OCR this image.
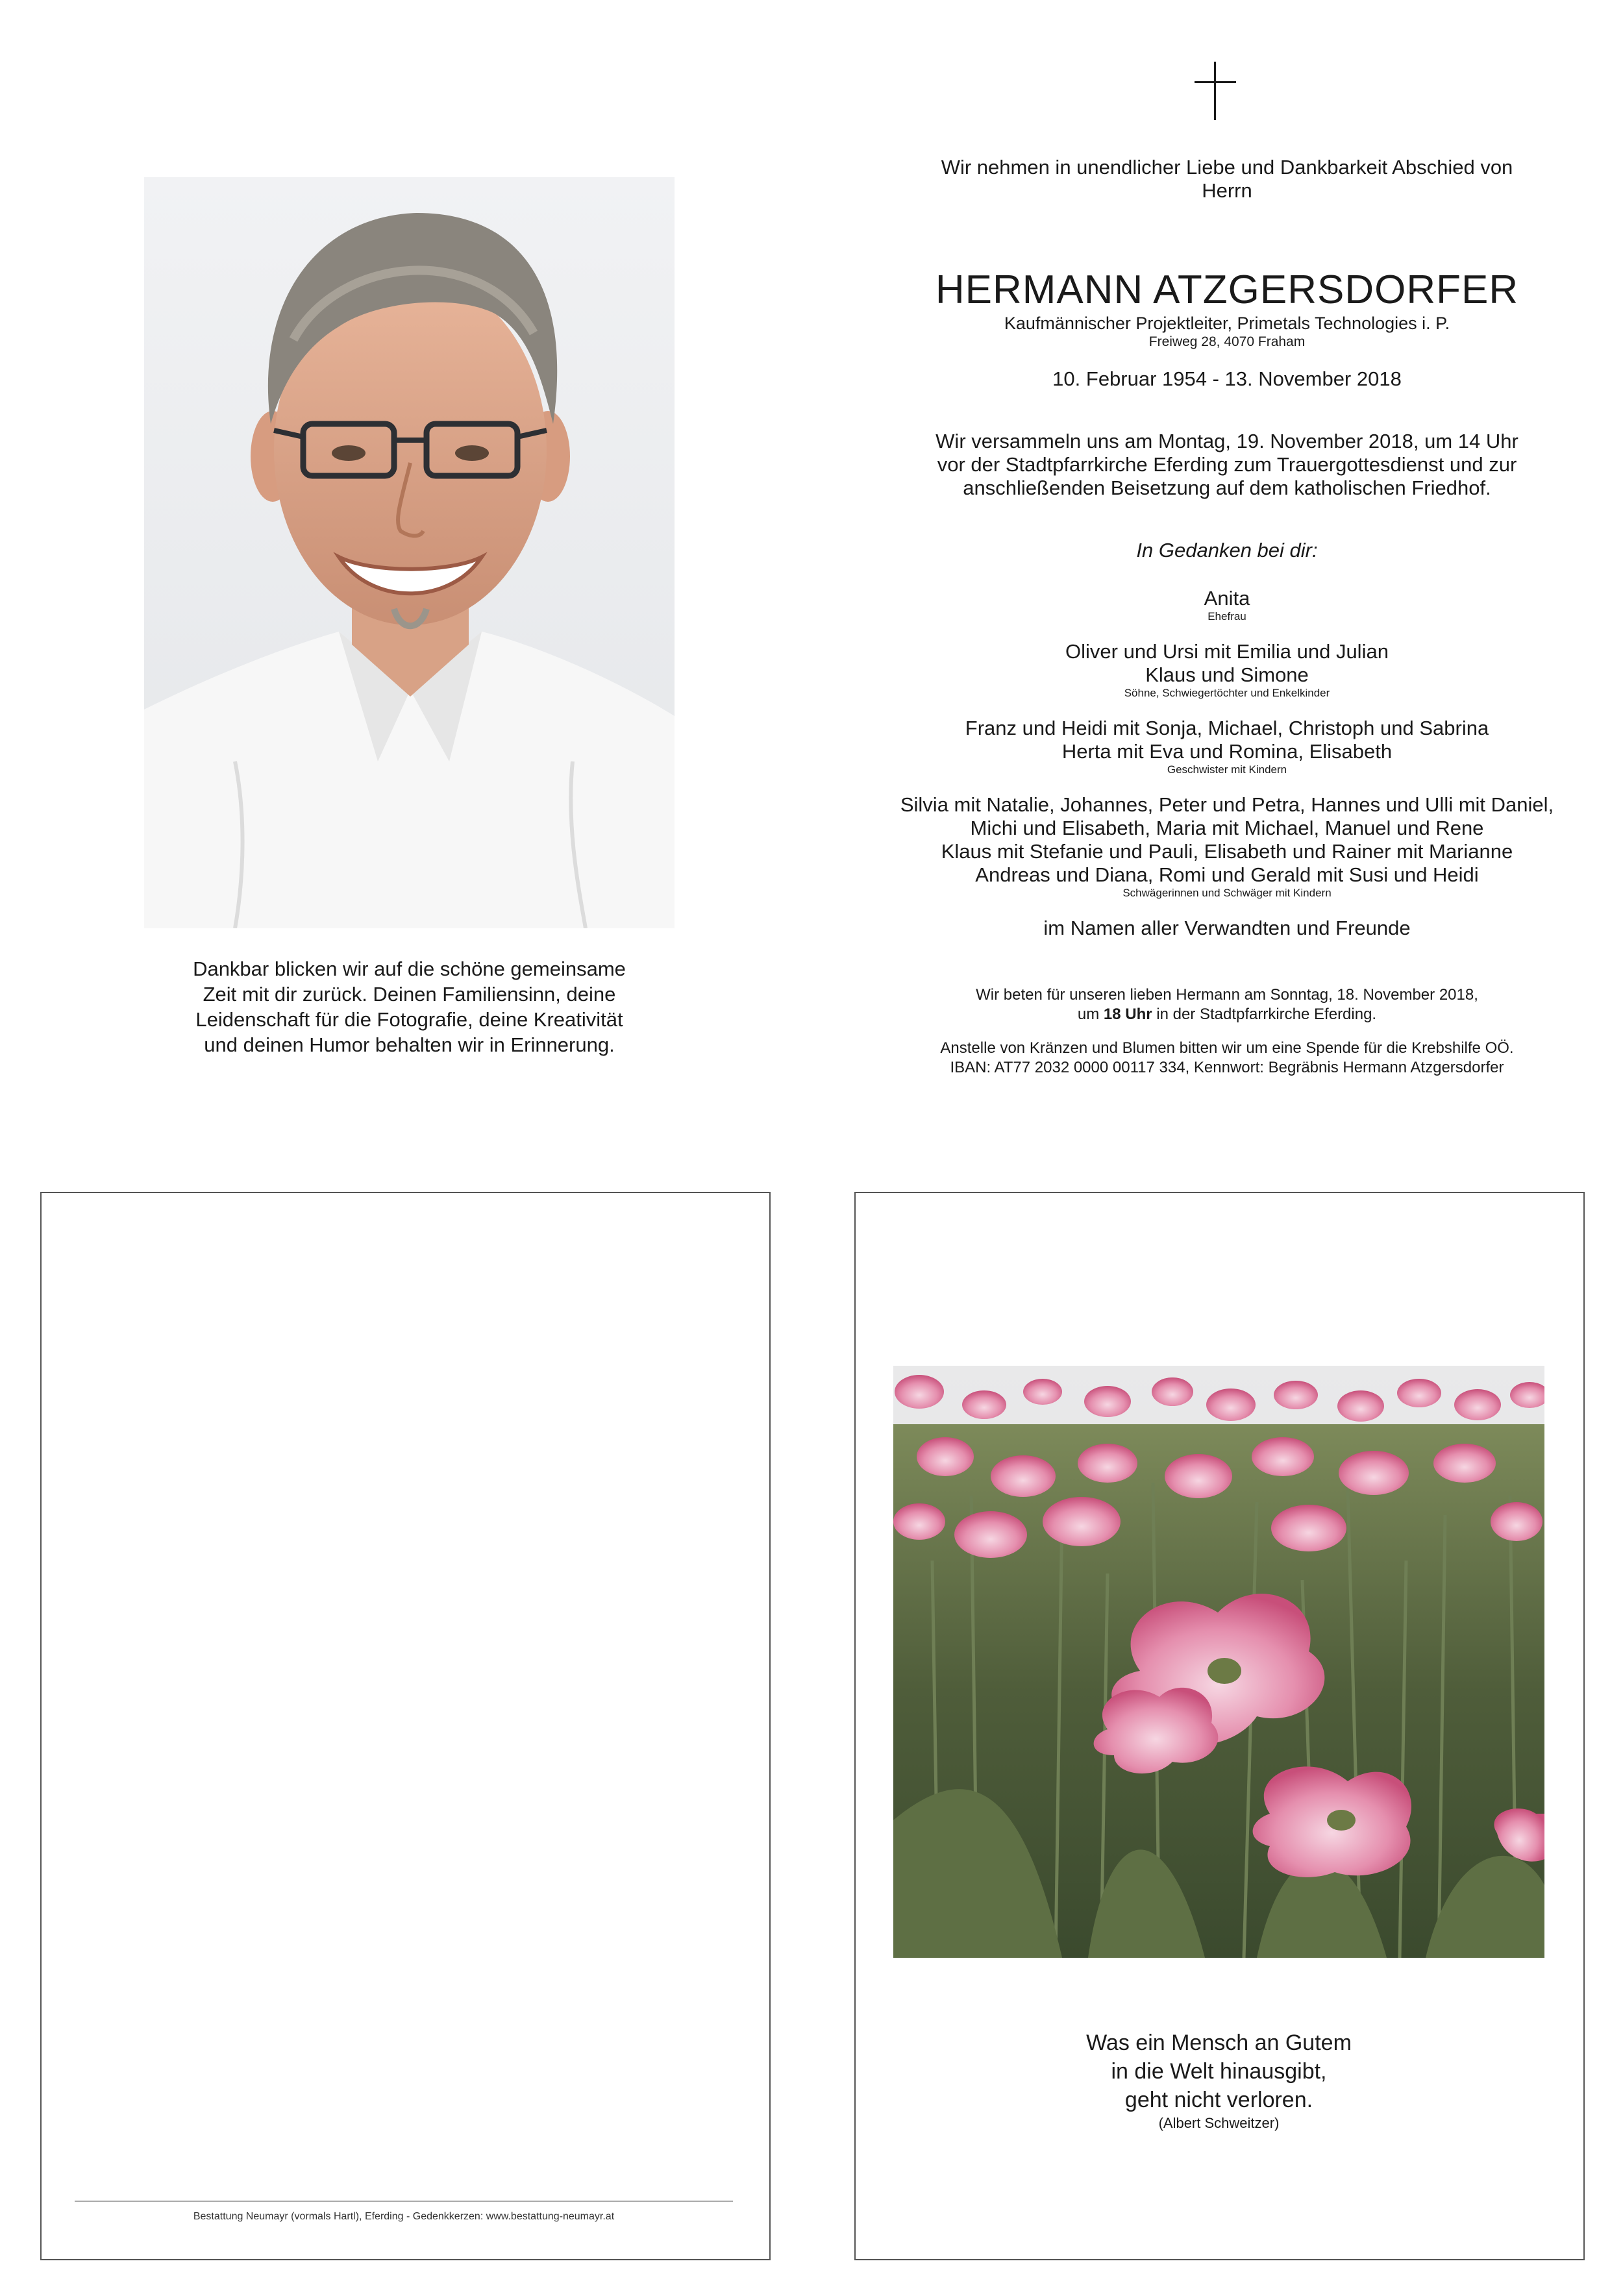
Wir nehmen in unendlicher Liebe und Dankbarkeit Abschied von
Herrn
HERMANN ATZGERSDORFER
Kaufmännischer Projektleiter, Primetals Technologies i. P.
Freiweg 28, 4070 Fraham
10. Februar 1954 - 13. November 2018
Wir versammeln uns am Montag, 19. November 2018, um 14 Uhr
vor der Stadtpfarrkirche Eferding zum Trauergottesdienst und zur
anschließenden Beisetzung auf dem katholischen Friedhof.
In Gedanken bei dir:
Anita
Ehefrau
Oliver und Ursi mit Emilia und Julian
Klaus und Simone
Söhne, Schwiegertöchter und Enkelkinder
Franz und Heidi mit Sonja, Michael, Christoph und Sabrina
Herta mit Eva und Romina, Elisabeth
Geschwister mit Kindern
Silvia mit Natalie, Johannes, Peter und Petra, Hannes und Ulli mit Daniel,
Michi und Elisabeth, Maria mit Michael, Manuel und Rene
Klaus mit Stefanie und Pauli, Elisabeth und Rainer mit Marianne
Andreas und Diana, Romi und Gerald mit Susi und Heidi
Schwägerinnen und Schwäger mit Kindern
im Namen aller Verwandten und Freunde
Wir beten für unseren lieben Hermann am Sonntag, 18. November 2018,
um 18 Uhr in der Stadtpfarrkirche Eferding.
Anstelle von Kränzen und Blumen bitten wir um eine Spende für die Krebshilfe OÖ.
IBAN: AT77 2032 0000 00117 334, Kennwort: Begräbnis Hermann Atzgersdorfer
Dankbar blicken wir auf die schöne gemeinsame
Zeit mit dir zurück. Deinen Familiensinn, deine
Leidenschaft für die Fotografie, deine Kreativität
und deinen Humor behalten wir in Erinnerung.
Bestattung Neumayr (vormals Hartl), Eferding - Gedenkkerzen: www.bestattung-neumayr.at
Was ein Mensch an Gutem
in die Welt hinausgibt,
geht nicht verloren.
(Albert Schweitzer)
